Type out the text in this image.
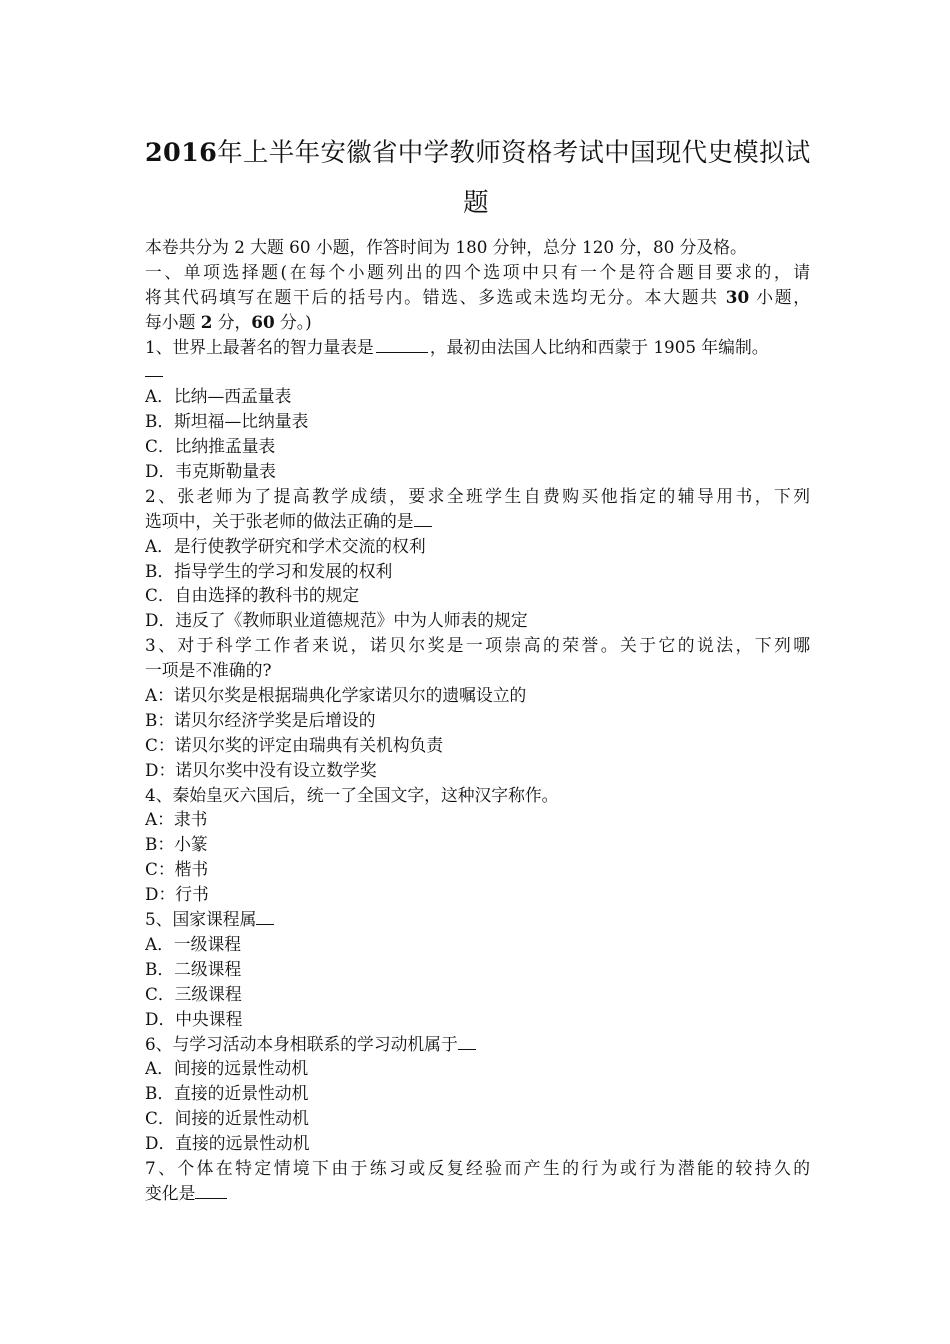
2016年上半年安徽省中学教师资格考试中国现代史模拟试
题
本卷共分为 2 大题 60 小题，作答时间为 180 分钟，总分 120 分，80 分及格。
一、单项选择题(在每个小题列出的四个选项中只有一个是符合题目要求的，请
将其代码填写在题干后的括号内。错选、多选或未选均无分。本大题共 30 小题，
每小题 2 分，60 分。)
1、世界上最著名的智力量表是	，最初由法国人比纳和西蒙于 1905 年编制。
A．比纳—西孟量表
B．斯坦福—比纳量表
C．比纳推孟量表
D．韦克斯勒量表
2、张老师为了提高教学成绩，要求全班学生自费购买他指定的辅导用书，下列
选项中，关于张老师的做法正确的是
A．是行使教学研究和学术交流的权利
B．指导学生的学习和发展的权利
C．自由选择的教科书的规定
D．违反了《教师职业道德规范》中为人师表的规定
3、对于科学工作者来说，诺贝尔奖是一项崇高的荣誉。关于它的说法，下列哪
一项是不准确的?
A：诺贝尔奖是根据瑞典化学家诺贝尔的遗嘱设立的
B：诺贝尔经济学奖是后增设的
C：诺贝尔奖的评定由瑞典有关机构负责
D：诺贝尔奖中没有设立数学奖
4、秦始皇灭六国后，统一了全国文字，这种汉字称作。
A：隶书
B：小篆
C：楷书
D：行书
5、国家课程属
A．一级课程
B．二级课程
C．三级课程
D．中央课程
6、与学习活动本身相联系的学习动机属于
A．间接的远景性动机
B．直接的近景性动机
C．间接的近景性动机
D．直接的远景性动机
7、个体在特定情境下由于练习或反复经验而产生的行为或行为潜能的较持久的
变化是
